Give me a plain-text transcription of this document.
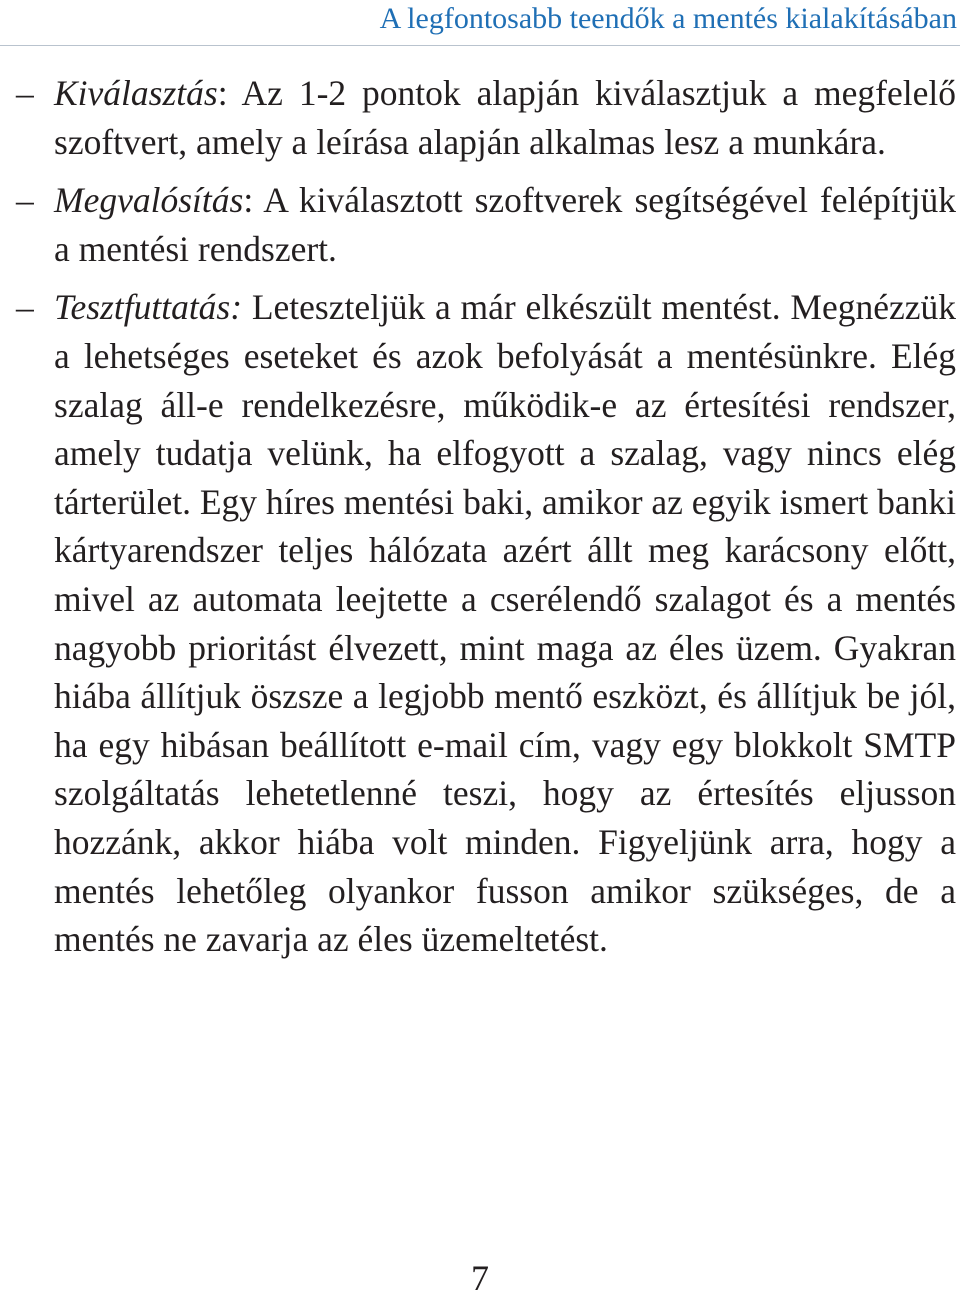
A legfontosabb teendők a mentés kialakításában
– Kiválasztás: Az 1-2 pontok alapján kiválasztjuk a megfelelő szoftvert, amely a leírása alapján alkalmas lesz a munkára.
– Megvalósítás: A kiválasztott szoftverek segítségével felépítjük a mentési rendszert.
– Tesztfuttatás: Leteszteljük a már elkészült mentést. Megnézzük a lehetséges eseteket és azok befolyását a mentésünkre. Elég szalag áll-e rendelkezésre, működik-e az értesítési rendszer, amely tudatja velünk, ha elfogyott a szalag, vagy nincs elég tárterület. Egy híres mentési baki, amikor az egyik ismert banki kártyarendszer teljes hálózata azért állt meg karácsony előtt, mivel az automata leejtette a cserélendő szalagot és a mentés nagyobb prioritást élvezett, mint maga az éles üzem. Gyakran hiába állítjuk öszsze a legjobb mentő eszközt, és állítjuk be jól, ha egy hibásan beállított e-mail cím, vagy egy blokkolt SMTP szolgáltatás lehetetlenné teszi, hogy az értesítés eljusson hozzánk, akkor hiába volt minden. Figyeljünk arra, hogy a mentés lehetőleg olyankor fusson amikor szükséges, de a mentés ne zavarja az éles üzemeltetést.
7
